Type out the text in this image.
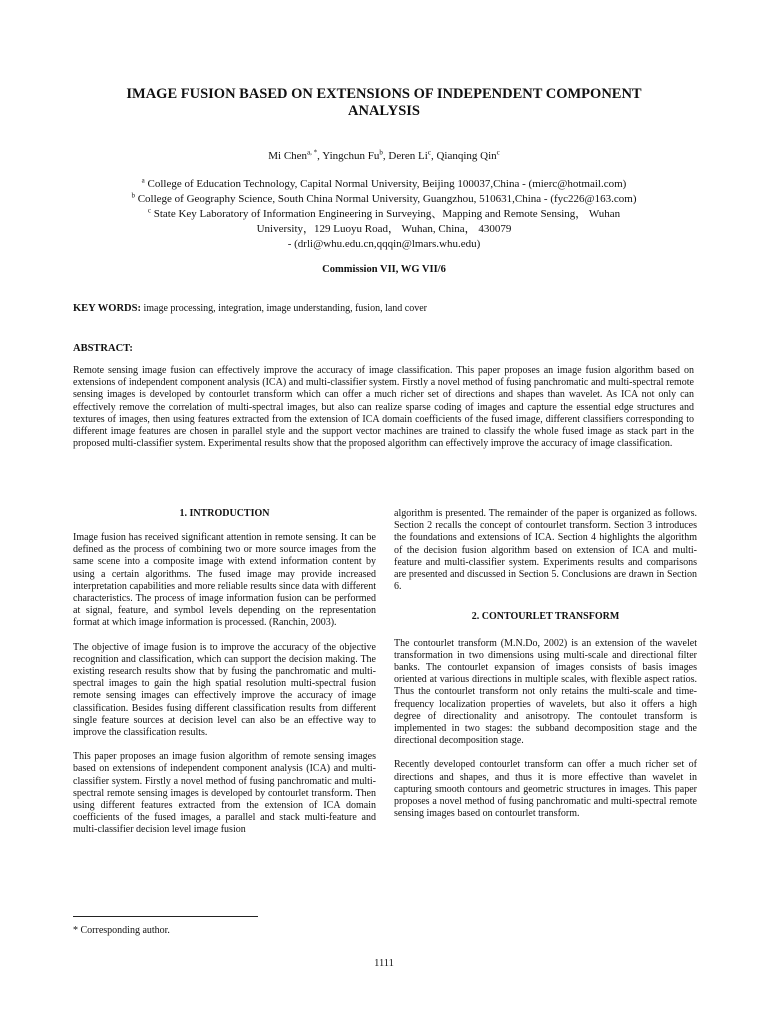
IMAGE FUSION BASED ON EXTENSIONS OF INDEPENDENT COMPONENT ANALYSIS
Mi Chen$^{a, *}$, Yingchun Fu$^b$, Deren Li$^c$, Qianqing Qin$^c$
$^a$ College of Education Technology, Capital Normal University, Beijing 100037,China - (mierc@hotmail.com)
$^b$ College of Geography Science, South China Normal University, Guangzhou, 510631,China - (fyc226@163.com)
$^c$ State Key Laboratory of Information Engineering in Surveying、Mapping and Remote Sensing， Wuhan
University，129 Luoyu Road， Wuhan, China， 430079
- (drli@whu.edu.cn,qqqin@lmars.whu.edu)
Commission VII, WG VII/6
KEY WORDS: image processing, integration, image understanding, fusion, land cover
ABSTRACT:
Remote sensing image fusion can effectively improve the accuracy of image classification. This paper proposes an image fusion algorithm based on extensions of independent component analysis (ICA) and multi-classifier system. Firstly a novel method of fusing panchromatic and multi-spectral remote sensing images is developed by contourlet transform which can offer a much richer set of directions and shapes than wavelet. As ICA not only can effectively remove the correlation of multi-spectral images, but also can realize sparse coding of images and capture the essential edge structures and textures of images, then using features extracted from the extension of ICA domain coefficients of the fused image, different classifiers corresponding to different image features are chosen in parallel style and the support vector machines are trained to classify the whole fused image as stack part in the proposed multi-classifier system. Experimental results show that the proposed algorithm can effectively improve the accuracy of image classification.
1. INTRODUCTION

Image fusion has received significant attention in remote sensing. It can be defined as the process of combining two or more source images from the same scene into a composite image with extend information content by using a certain algorithms. The fused image may provide increased interpretation capabilities and more reliable results since data with different characteristics. The process of image information fusion can be performed at signal, feature, and symbol levels depending on the representation format at which image information is processed. (Ranchin, 2003).

The objective of image fusion is to improve the accuracy of the objective recognition and classification, which can support the decision making. The existing research results show that by fusing the panchromatic and multi-spectral images to gain the high spatial resolution multi-spectral fusion remote sensing images can effectively improve the accuracy of image classification. Besides fusing different classification results from different single feature sources at decision level can also be an effective way to improve the classification results.

This paper proposes an image fusion algorithm of remote sensing images based on extensions of independent component analysis (ICA) and multi-classifier system. Firstly a novel method of fusing panchromatic and multi-spectral remote sensing images is developed by contourlet transform. Then using different features extracted from the extension of ICA domain coefficients of the fused images, a parallel and stack multi-feature and multi-classifier decision level image fusion

algorithm is presented. The remainder of the paper is organized as follows. Section 2 recalls the concept of contourlet transform. Section 3 introduces the foundations and extensions of ICA. Section 4 highlights the algorithm of the decision fusion algorithm based on extension of ICA and multi-feature and multi-classifier system. Experiments results and comparisons are presented and discussed in Section 5. Conclusions are drawn in Section 6.

2. CONTOURLET TRANSFORM

The contourlet transform (M.N.Do, 2002) is an extension of the wavelet transformation in two dimensions using multi-scale and directional filter banks. The contourlet expansion of images consists of basis images oriented at various directions in multiple scales, with flexible aspect ratios. Thus the contourlet transform not only retains the multi-scale and time-frequency localization properties of wavelets, but also it offers a high degree of directionality and anisotropy. The contoulet transform is implemented in two stages: the subband decomposition stage and the directional decomposition stage.

Recently developed contourlet transform can offer a much richer set of directions and shapes, and thus it is more effective than wavelet in capturing smooth contours and geometric structures in images. This paper proposes a novel method of fusing panchromatic and multi-spectral remote sensing images based on contourlet transform.

* Corresponding author.
1111
